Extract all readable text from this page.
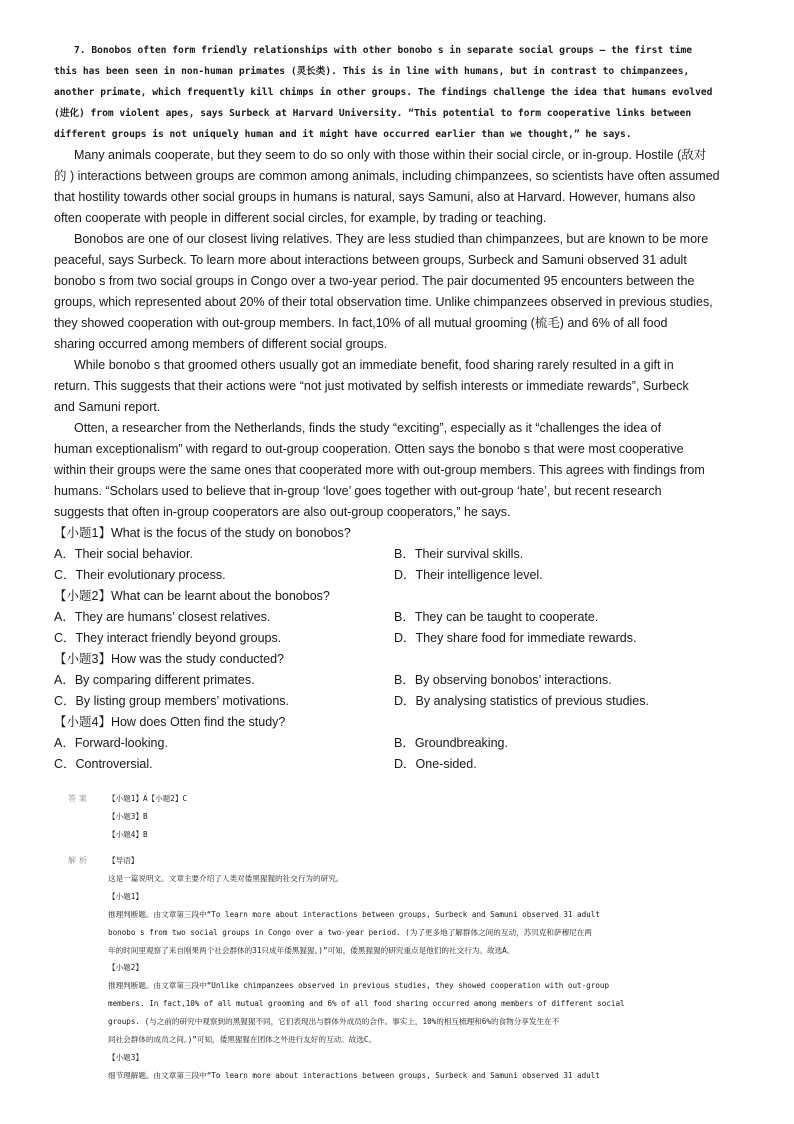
7. Bonobos often form friendly relationships with other bonobo s in separate social groups — the first time
this has been seen in non-human primates (灵长类). This is in line with humans, but in contrast to chimpanzees,
another primate, which frequently kill chimps in other groups. The findings challenge the idea that humans evolved
(进化) from violent apes, says Surbeck at Harvard University. “This potential to form cooperative links between
different groups is not uniquely human and it might have occurred earlier than we thought,” he says.
Many animals cooperate, but they seem to do so only with those within their social circle, or in-group. Hostile (敌对
的 ) interactions between groups are common among animals, including chimpanzees, so scientists have often assumed
that hostility towards other social groups in humans is natural, says Samuni, also at Harvard. However, humans also
often cooperate with people in different social circles, for example, by trading or teaching.
Bonobos are one of our closest living relatives. They are less studied than chimpanzees, but are known to be more
peaceful, says Surbeck. To learn more about interactions between groups, Surbeck and Samuni observed 31 adult
bonobo s from two social groups in Congo over a two-year period. The pair documented 95 encounters between the
groups, which represented about 20% of their total observation time. Unlike chimpanzees observed in previous studies,
they showed cooperation with out-group members. In fact,10% of all mutual grooming (梳毛) and 6% of all food
sharing occurred among members of different social groups.
While bonobo s that groomed others usually got an immediate benefit, food sharing rarely resulted in a gift in
return. This suggests that their actions were “not just motivated by selfish interests or immediate rewards”, Surbeck
and Samuni report.
Otten, a researcher from the Netherlands, finds the study “exciting”, especially as it “challenges the idea of
human exceptionalism” with regard to out-group cooperation. Otten says the bonobo s that were most cooperative
within their groups were the same ones that cooperated more with out-group members. This agrees with findings from
humans. “Scholars used to believe that in-group ‘love’ goes together with out-group ‘hate’, but recent research
suggests that often in-group cooperators are also out-group cooperators,” he says.
【小题1】What is the focus of the study on bonobos?
A．Their social behavior.	B．Their survival skills.
C．Their evolutionary process.	D．Their intelligence level.
【小题2】What can be learnt about the bonobos?
A．They are humans’ closest relatives.	B．They can be taught to cooperate.
C．They interact friendly beyond groups.	D．They share food for immediate rewards.
【小题3】How was the study conducted?
A．By comparing different primates.	B．By observing bonobos’ interactions.
C．By listing group members’ motivations.	D．By analysing statistics of previous studies.
【小题4】How does Otten find the study?
A．Forward-looking.	B．Groundbreaking.
C．Controversial.	D．One-sided.
答案 【小题1】A【小题2】C
【小题3】B
【小题4】B
解析 【导语】
这是一篇说明文。文章主要介绍了人类对倭黑猩猩的社交行为的研究。
【小题1】
推理判断题。由文章第三段中“To learn more about interactions between groups, Surbeck and Samuni observed 31 adult
bonobo s from two social groups in Congo over a two-year period. (为了更多地了解群体之间的互动，苏贝克和萨穆尼在两
年的时间里观察了来自刚果两个社会群体的31只成年倭黑猩猩。)”可知，倭黑猩猩的研究重点是他们的社交行为。故选A。
【小题2】
推理判断题。由文章第三段中“Unlike chimpanzees observed in previous studies, they showed cooperation with out-group
members. In fact,10% of all mutual grooming and 6% of all food sharing occurred among members of different social
groups. (与之前的研究中观察到的黑猩猩不同，它们表现出与群体外成员的合作。事实上，10%的相互梳理和6%的食物分享发生在不
同社会群体的成员之间。)”可知，倭黑猩猩在团体之外进行友好的互动。故选C。
【小题3】
细节理解题。由文章第三段中“To learn more about interactions between groups, Surbeck and Samuni observed 31 adult
